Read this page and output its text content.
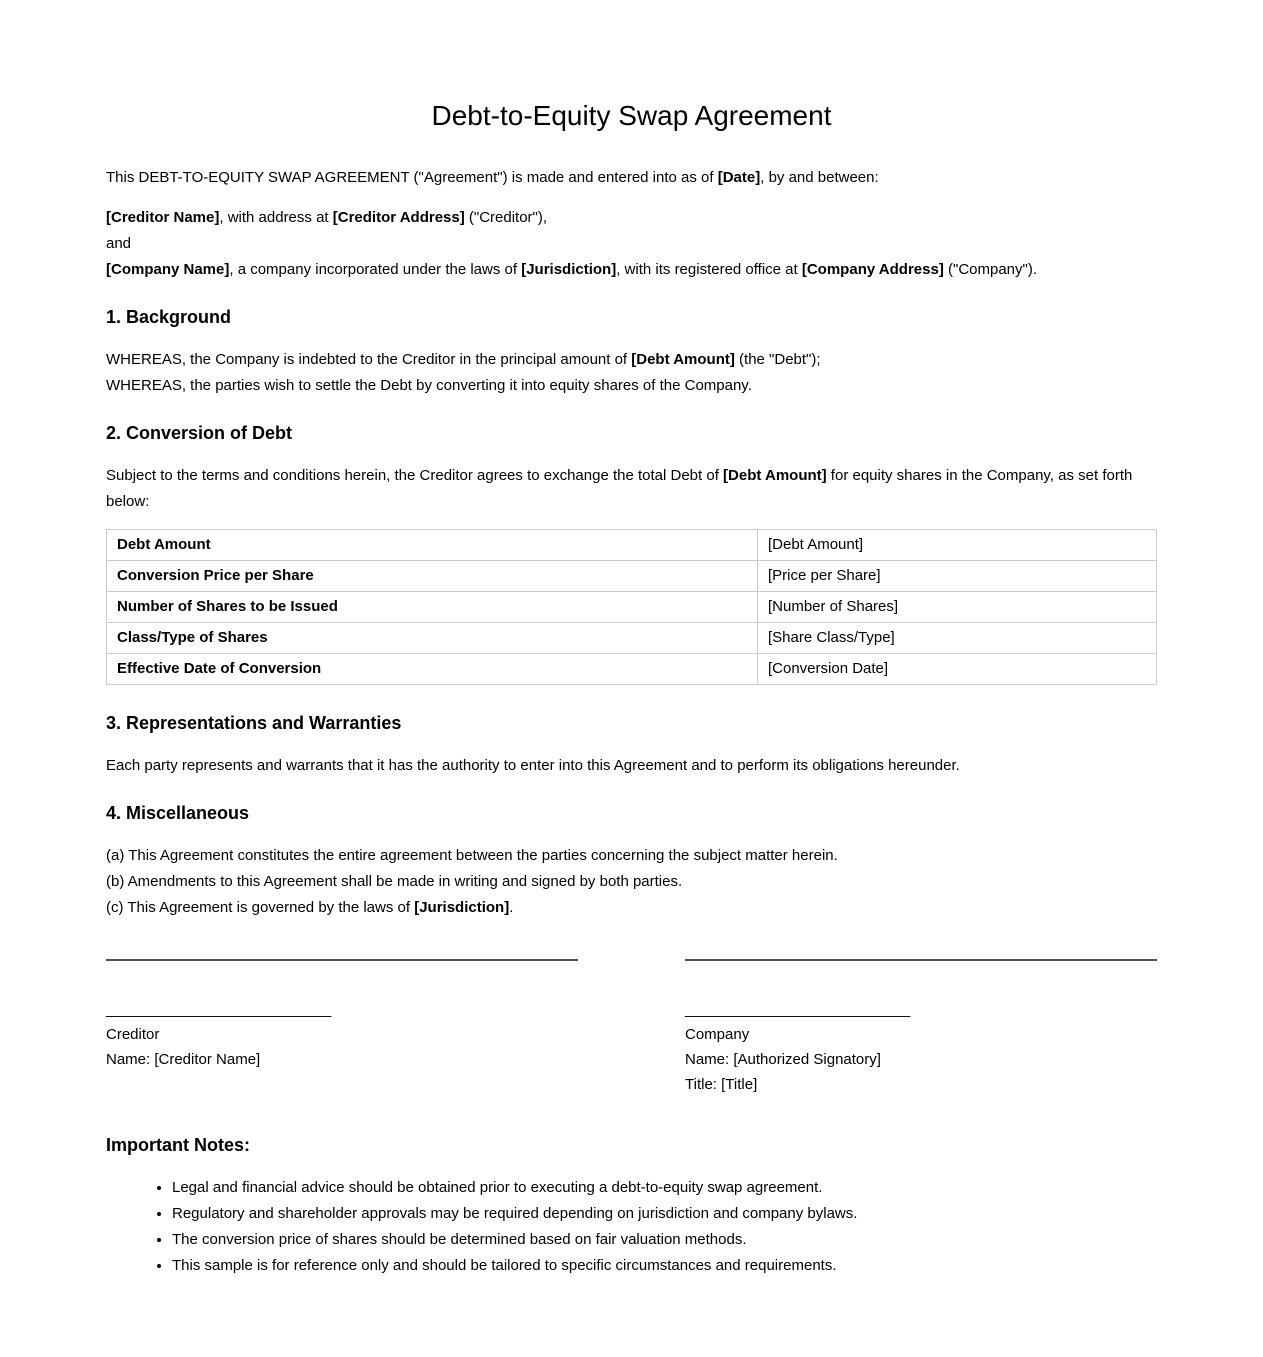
Debt-to-Equity Swap Agreement

This DEBT-TO-EQUITY SWAP AGREEMENT ("Agreement") is made and entered into as of [Date], by and between:

[Creditor Name], with address at [Creditor Address] ("Creditor"),
and
[Company Name], a company incorporated under the laws of [Jurisdiction], with its registered office at [Company Address] ("Company").

1. Background

WHEREAS, the Company is indebted to the Creditor in the principal amount of [Debt Amount] (the "Debt");
WHEREAS, the parties wish to settle the Debt by converting it into equity shares of the Company.

2. Conversion of Debt

Subject to the terms and conditions herein, the Creditor agrees to exchange the total Debt of [Debt Amount] for equity shares in the Company, as set forth below:

Debt Amount	[Debt Amount]
Conversion Price per Share	[Price per Share]
Number of Shares to be Issued	[Number of Shares]
Class/Type of Shares	[Share Class/Type]
Effective Date of Conversion	[Conversion Date]
3. Representations and Warranties

Each party represents and warrants that it has the authority to enter into this Agreement and to perform its obligations hereunder.

4. Miscellaneous

(a) This Agreement constitutes the entire agreement between the parties concerning the subject matter herein.
(b) Amendments to this Agreement shall be made in writing and signed by both parties.
(c) This Agreement is governed by the laws of [Jurisdiction].

___________________________
Creditor
Name: [Creditor Name]
___________________________
Company
Name: [Authorized Signatory]
Title: [Title]
Important Notes:
• Legal and financial advice should be obtained prior to executing a debt-to-equity swap agreement.
• Regulatory and shareholder approvals may be required depending on jurisdiction and company bylaws.
• The conversion price of shares should be determined based on fair valuation methods.
• This sample is for reference only and should be tailored to specific circumstances and requirements.
